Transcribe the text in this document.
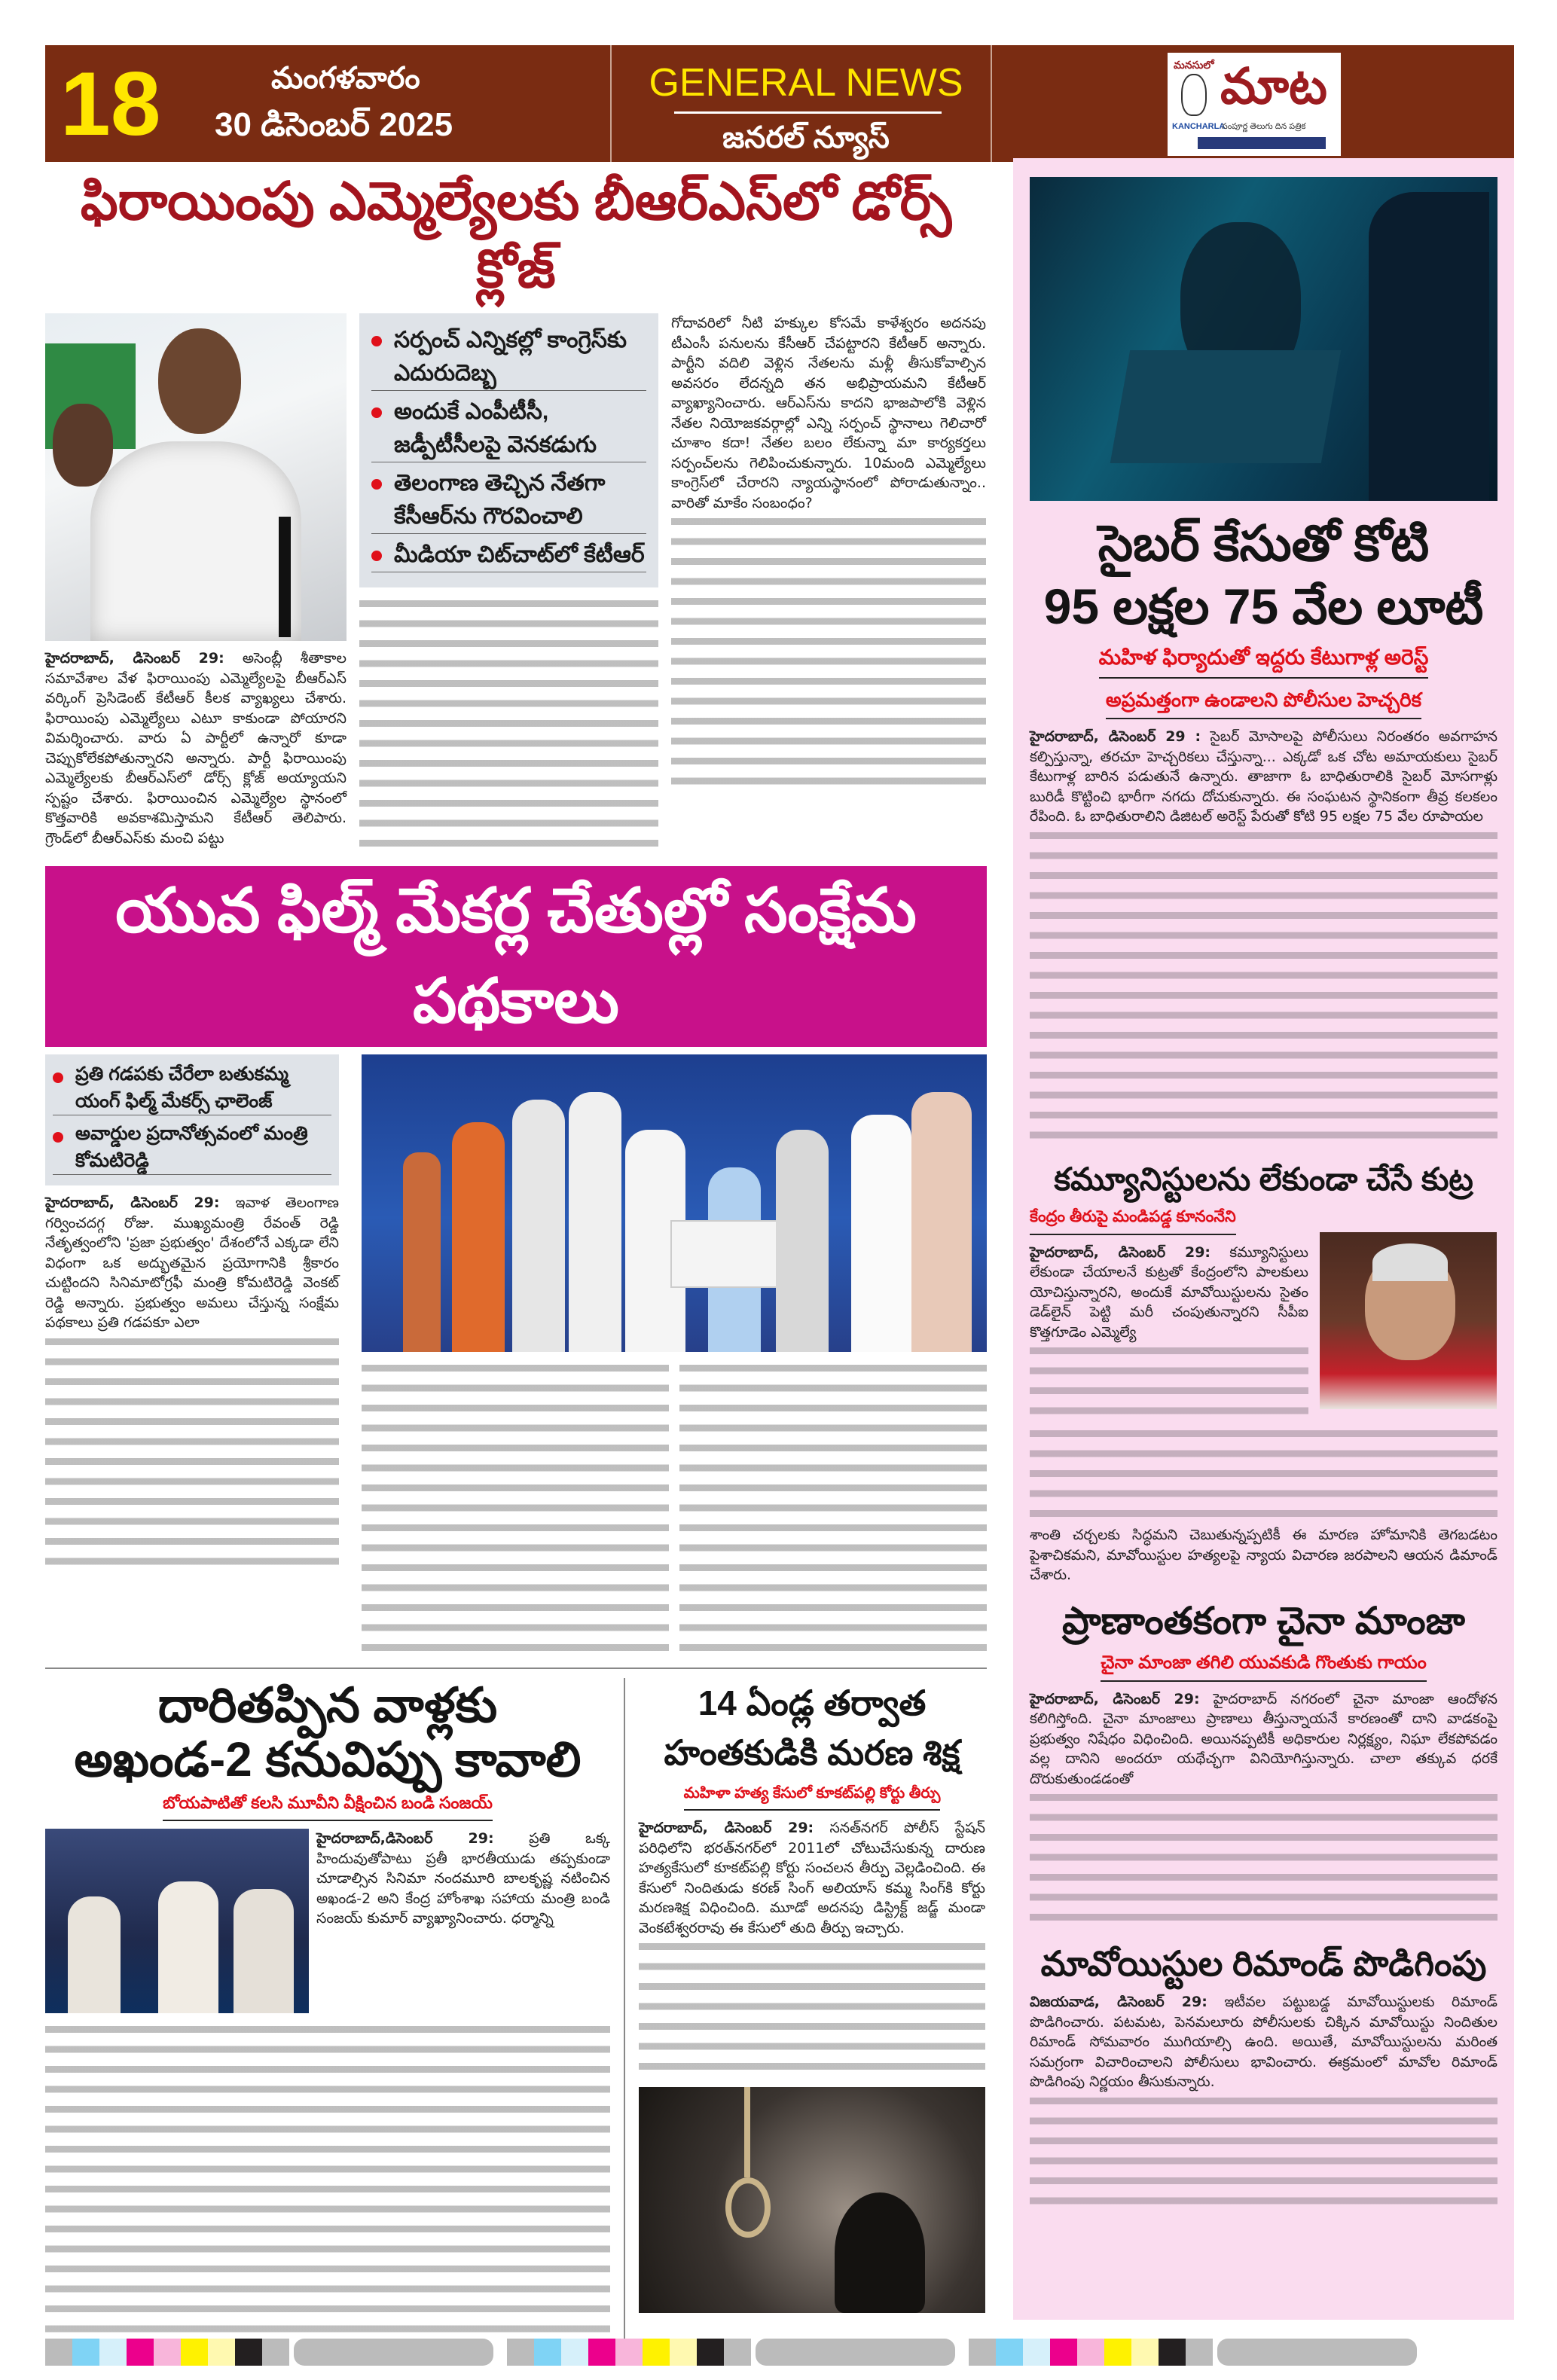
18	మంగళవారం
30 డిసెంబర్ 2025
GENERAL NEWS
జనరల్ న్యూస్
మనసులో మాట
KANCHARLA
సంపూర్ణ తెలుగు దిన పత్రిక
ఫిరాయింపు ఎమ్మెల్యేలకు బీఆర్ఎస్‌లో డోర్స్ క్లోజ్
హైదరాబాద్, డిసెంబర్ 29: అసెంబ్లీ శీతాకాల సమావేశాల వేళ ఫిరాయింపు ఎమ్మెల్యేలపై బీఆర్ఎస్ వర్కింగ్ ప్రెసిడెంట్ కేటీఆర్ కీలక వ్యాఖ్యలు చేశారు. ఫిరాయింపు ఎమ్మెల్యేలు ఎటూ కాకుండా పోయారని విమర్శించారు. వారు ఏ పార్టీలో ఉన్నారో కూడా చెప్పుకోలేకపోతున్నారని అన్నారు. పార్టీ ఫిరాయింపు ఎమ్మెల్యేలకు బీఆర్ఎస్‌లో డోర్స్ క్లోజ్ అయ్యాయని స్పష్టం చేశారు. ఫిరాయించిన ఎమ్మెల్యేల స్థానంలో కొత్తవారికి అవకాశమిస్తామని కేటీఆర్ తెలిపారు. గ్రౌండ్‌లో బీఆర్ఎస్‌కు మంచి పట్టు
సర్పంచ్ ఎన్నికల్లో కాంగ్రెస్‌కు ఎదురుదెబ్బ
అందుకే ఎంపీటీసీ, జడ్పీటీసీలపై వెనకడుగు
తెలంగాణ తెచ్చిన నేతగా కేసీఆర్‌ను గౌరవించాలి
మీడియా చిట్‌చాట్‌లో కేటీఆర్
గోదావరిలో నీటి హక్కుల కోసమే కాళేశ్వరం అదనపు టీఎంసీ పనులను కేసీఆర్ చేపట్టారని కేటీఆర్ అన్నారు. పార్టీని వదిలి వెళ్లిన నేతలను మళ్లీ తీసుకోవాల్సిన అవసరం లేదన్నది తన అభిప్రాయమని కేటీఆర్ వ్యాఖ్యానించారు. ఆర్ఎస్‌ను కాదని భాజపాలోకి వెళ్లిన నేతల నియోజకవర్గాల్లో ఎన్ని సర్పంచ్ స్థానాలు గెలిచారో చూశాం కదా! నేతల బలం లేకున్నా మా కార్యకర్తలు సర్పంచ్‌లను గెలిపించుకున్నారు. 10మంది ఎమ్మెల్యేలు కాంగ్రెస్‌లో చేరారని న్యాయస్థానంలో పోరాడుతున్నాం.. వారితో మాకేం సంబంధం?
యువ ఫిల్మ్ మేకర్ల చేతుల్లో సంక్షేమ పథకాలు
ప్రతి గడపకు చేరేలా బతుకమ్మ యంగ్ ఫిల్మ్ మేకర్స్ ఛాలెంజ్
అవార్డుల ప్రదానోత్సవంలో మంత్రి కోమటిరెడ్డి
హైదరాబాద్, డిసెంబర్ 29: ఇవాళ తెలంగాణ గర్వించదగ్గ రోజు. ముఖ్యమంత్రి రేవంత్ రెడ్డి నేతృత్వంలోని 'ప్రజా ప్రభుత్వం' దేశంలోనే ఎక్కడా లేని విధంగా ఒక అద్భుతమైన ప్రయోగానికి శ్రీకారం చుట్టిందని సినిమాటోగ్రఫీ మంత్రి కోమటిరెడ్డి వెంకట్ రెడ్డి అన్నారు. ప్రభుత్వం అమలు చేస్తున్న సంక్షేమ పథకాలు ప్రతి గడపకూ ఎలా
దారితప్పిన వాళ్లకు
అఖండ-2 కనువిప్పు కావాలి
బోయపాటితో కలసి మూవీని వీక్షించిన బండి సంజయ్
హైదరాబాద్,డిసెంబర్ 29: ప్రతి ఒక్క హిందువుతోపాటు ప్రతీ భారతీయుడు తప్పకుండా చూడాల్సిన సినిమా నందమూరి బాలకృష్ణ నటించిన అఖండ-2 అని కేంద్ర హోంశాఖ సహాయ మంత్రి బండి సంజయ్ కుమార్ వ్యాఖ్యానించారు. ధర్మాన్ని
14 ఏండ్ల తర్వాత
హంతకుడికి మరణ శిక్ష
మహిళా హత్య కేసులో కూకట్‌పల్లి కోర్టు తీర్పు
హైదరాబాద్, డిసెంబర్ 29: సనత్‌నగర్ పోలీస్ స్టేషన్ పరిధిలోని భరత్‌నగర్‌లో 2011లో చోటుచేసుకున్న దారుణ హత్యకేసులో కూకట్‌పల్లి కోర్టు సంచలన తీర్పు వెల్లడించింది. ఈ కేసులో నిందితుడు కరణ్ సింగ్ అలియాస్ కమ్మ సింగ్‌కి కోర్టు మరణశిక్ష విధించింది. మూడో అదనపు డిస్ట్రిక్ట్ జడ్జ్ మండా వెంకటేశ్వరరావు ఈ కేసులో తుది తీర్పు ఇచ్చారు.
సైబర్ కేసుతో కోటి
95 లక్షల 75 వేల లూటీ
మహిళ ఫిర్యాదుతో ఇద్దరు కేటుగాళ్ల అరెస్ట్
అప్రమత్తంగా ఉండాలని పోలీసుల హెచ్చరిక
హైదరాబాద్, డిసెంబర్ 29 : సైబర్ మోసాలపై పోలీసులు నిరంతరం అవగాహన కల్పిస్తున్నా, తరచూ హెచ్చరికలు చేస్తున్నా... ఎక్కడో ఒక చోట అమాయకులు సైబర్ కేటుగాళ్ల బారిన పడుతునే ఉన్నారు. తాజాగా ఓ బాధితురాలికి సైబర్ మోసగాళ్లు బురిడీ కొట్టించి భారీగా నగదు దోచుకున్నారు. ఈ సంఘటన స్థానికంగా తీవ్ర కలకలం రేపింది. ఓ బాధితురాలిని డిజిటల్ అరెస్ట్ పేరుతో కోటి 95 లక్షల 75 వేల రూపాయల
కమ్యూనిస్టులను లేకుండా చేసే కుట్ర
కేంద్రం తీరుపై మండిపడ్డ కూనంనేని
హైదరాబాద్, డిసెంబర్ 29: కమ్యూనిస్టులు లేకుండా చేయాలనే కుట్రతో కేంద్రంలోని పాలకులు యోచిస్తున్నారని, అందుకే మావోయిస్టులను సైతం డెడ్‌లైన్ పెట్టి మరీ చంపుతున్నారని సీపీఐ కొత్తగూడెం ఎమ్మెల్యే
శాంతి చర్చలకు సిద్ధమని చెబుతున్నప్పటికీ ఈ మారణ హోమానికి తెగబడటం పైశాచికమని, మావోయిస్టుల హత్యలపై న్యాయ విచారణ జరపాలని ఆయన డిమాండ్ చేశారు.
ప్రాణాంతకంగా చైనా మాంజా
చైనా మాంజా తగిలి యువకుడి గొంతుకు గాయం
హైదరాబాద్, డిసెంబర్ 29: హైదరాబాద్ నగరంలో చైనా మాంజా ఆందోళన కలిగిస్తోంది. చైనా మాంజాలు ప్రాణాలు తీస్తున్నాయనే కారణంతో దాని వాడకంపై ప్రభుత్వం నిషేధం విధించింది. అయినప్పటికీ అధికారుల నిర్లక్ష్యం, నిఘా లేకపోవడం వల్ల దానిని అందరూ యథేచ్ఛగా వినియోగిస్తున్నారు. చాలా తక్కువ ధరకే దొరుకుతుండడంతో
మావోయిస్టుల రిమాండ్ పొడిగింపు
విజయవాడ, డిసెంబర్ 29: ఇటీవల పట్టుబడ్డ మావోయిస్టులకు రిమాండ్ పొడిగించారు. పటమట, పెనమలూరు పోలీసులకు చిక్కిన మావోయిస్టు నిందితుల రిమాండ్ సోమవారం ముగియాల్సి ఉంది. అయితే, మావోయిస్టులను మరింత సమగ్రంగా విచారించాలని పోలీసులు భావించారు. ఈక్రమంలో మావోల రిమాండ్ పొడిగింపు నిర్ణయం తీసుకున్నారు.
